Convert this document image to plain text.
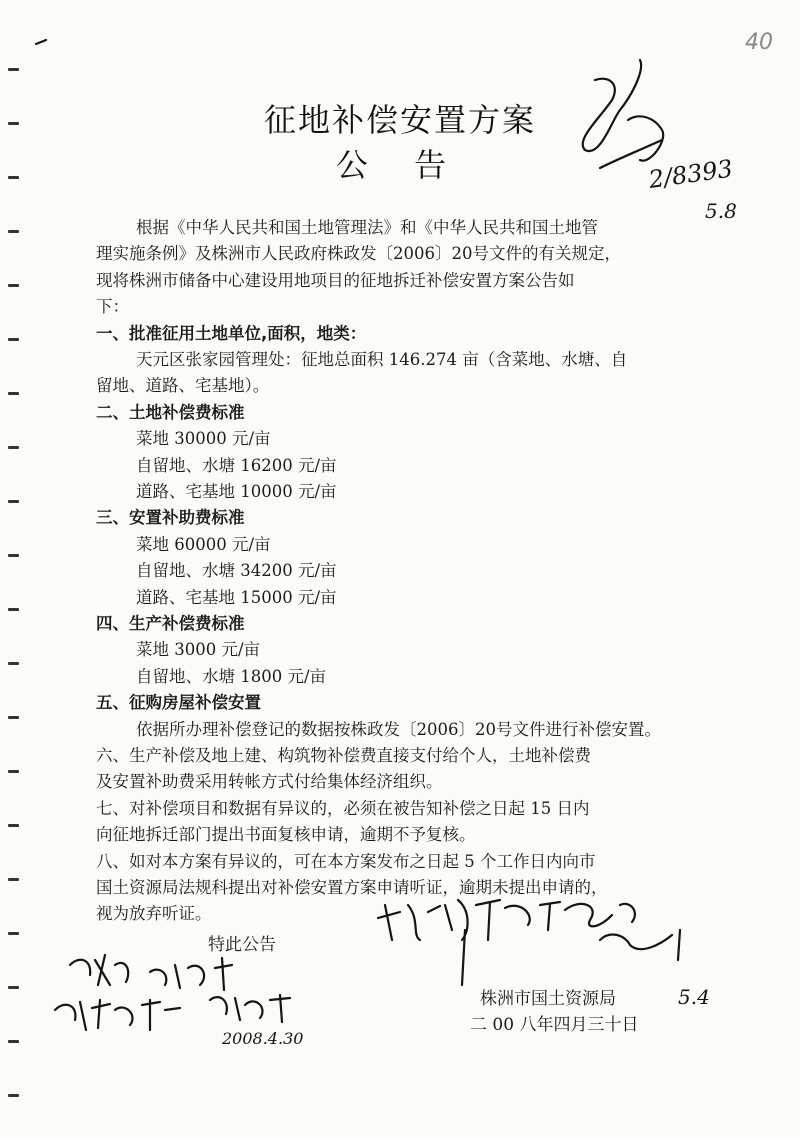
40
征地补偿安置方案
公 告
根据《中华人民共和国土地管理法》和《中华人民共和国土地管
理实施条例》及株洲市人民政府株政发〔2006〕20号文件的有关规定，
现将株洲市储备中心建设用地项目的征地拆迁补偿安置方案公告如
下：
一、批准征用土地单位,面积，地类：
天元区张家园管理处：征地总面积 146.274 亩（含菜地、水塘、自
留地、道路、宅基地）。
二、土地补偿费标准
菜地 30000 元/亩
自留地、水塘 16200 元/亩
道路、宅基地 10000 元/亩
三、安置补助费标准
菜地 60000 元/亩
自留地、水塘 34200 元/亩
道路、宅基地 15000 元/亩
四、生产补偿费标准
菜地 3000 元/亩
自留地、水塘 1800 元/亩
五、征购房屋补偿安置
依据所办理补偿登记的数据按株政发〔2006〕20号文件进行补偿安置。
六、生产补偿及地上建、构筑物补偿费直接支付给个人，土地补偿费
及安置补助费采用转帐方式付给集体经济组织。
七、对补偿项目和数据有异议的，必须在被告知补偿之日起 15 日内
向征地拆迁部门提出书面复核申请，逾期不予复核。
八、如对本方案有异议的，可在本方案发布之日起 5 个工作日内向市
国土资源局法规科提出对补偿安置方案申请听证，逾期未提出申请的，
视为放弃听证。
特此公告
株洲市国土资源局
二 00 八年四月三十日
2/8393
5.8
2008.4.30
5.4
